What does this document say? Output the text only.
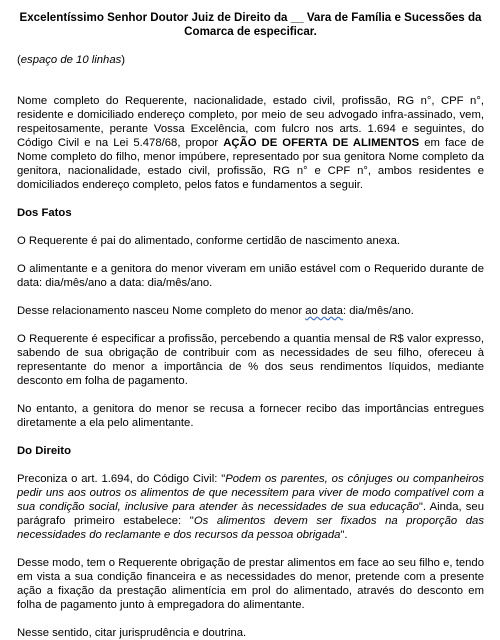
Excelentíssimo Senhor Doutor Juiz de Direito da __ Vara de Família e Sucessões da Comarca de especificar.
(espaço de 10 linhas)

Nome completo do Requerente, nacionalidade, estado civil, profissão, RG n°, CPF n°, residente e domiciliado endereço completo, por meio de seu advogado infra-assinado, vem, respeitosamente, perante Vossa Excelência, com fulcro nos arts. 1.694 e seguintes, do Código Civil e na Lei 5.478/68, propor AÇÃO DE OFERTA DE ALIMENTOS em face de Nome completo do filho, menor impúbere, representado por sua genitora Nome completo da genitora, nacionalidade, estado civil, profissão, RG n° e CPF n°, ambos residentes e domiciliados endereço completo, pelos fatos e fundamentos a seguir.

Dos Fatos

O Requerente é pai do alimentado, conforme certidão de nascimento anexa.

O alimentante e a genitora do menor viveram em união estável com o Requerido durante de data: dia/mês/ano a data: dia/mês/ano.

Desse relacionamento nasceu Nome completo do menor ao data: dia/mês/ano.

O Requerente é especificar a profissão, percebendo a quantia mensal de R$ valor expresso, sabendo de sua obrigação de contribuir com as necessidades de seu filho, ofereceu à representante do menor a importância de % dos seus rendimentos líquidos, mediante desconto em folha de pagamento.

No entanto, a genitora do menor se recusa a fornecer recibo das importâncias entregues diretamente a ela pelo alimentante.

Do Direito

Preconiza o art. 1.694, do Código Civil: "Podem os parentes, os cônjuges ou companheiros pedir uns aos outros os alimentos de que necessitem para viver de modo compatível com a sua condição social, inclusive para atender às necessidades de sua educação". Ainda, seu parágrafo primeiro estabelece: "Os alimentos devem ser fixados na proporção das necessidades do reclamante e dos recursos da pessoa obrigada".

Desse modo, tem o Requerente obrigação de prestar alimentos em face ao seu filho e, tendo em vista a sua condição financeira e as necessidades do menor, pretende com a presente ação a fixação da prestação alimentícia em prol do alimentado, através do desconto em folha de pagamento junto à empregadora do alimentante.

Nesse sentido, citar jurisprudência e doutrina.
